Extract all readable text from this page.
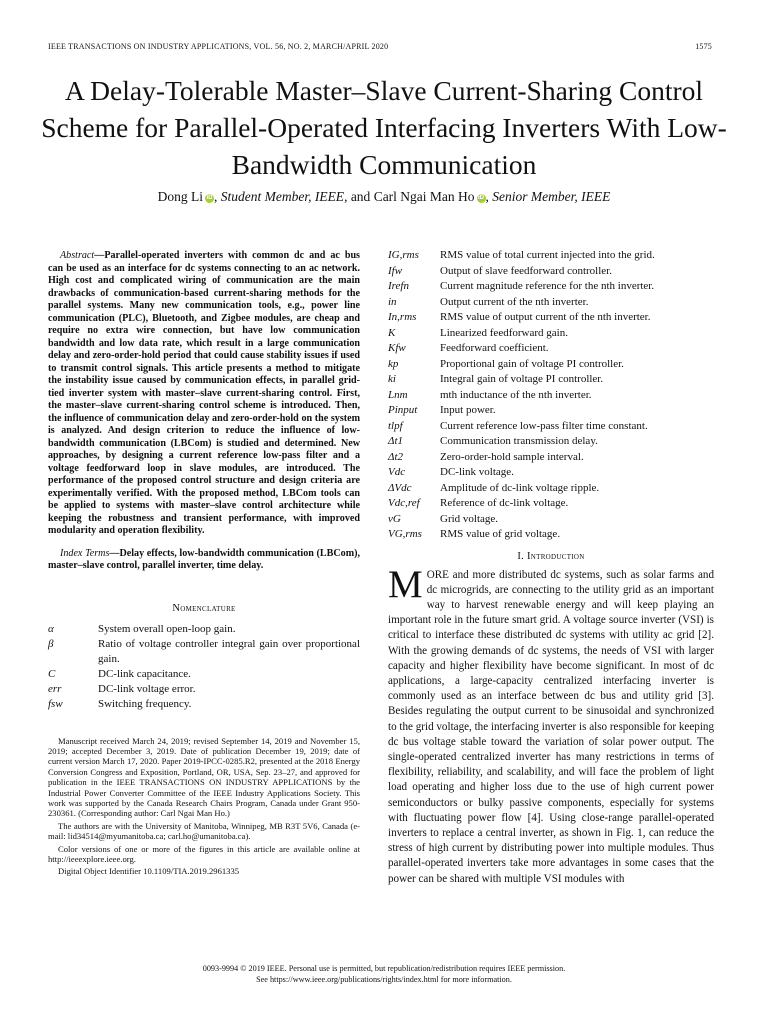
IEEE TRANSACTIONS ON INDUSTRY APPLICATIONS, VOL. 56, NO. 2, MARCH/APRIL 2020	1575
A Delay-Tolerable Master–Slave Current-Sharing Control Scheme for Parallel-Operated Interfacing Inverters With Low-Bandwidth Communication
Dong Li iD , Student Member, IEEE, and Carl Ngai Man Ho iD , Senior Member, IEEE
Abstract—Parallel-operated inverters with common dc and ac bus can be used as an interface for dc systems connecting to an ac network. High cost and complicated wiring of communication are the main drawbacks of communication-based current-sharing methods for the parallel systems. Many new communication tools, e.g., power line communication (PLC), Bluetooth, and Zigbee modules, are cheap and require no extra wire connection, but have low communication bandwidth and low data rate, which result in a large communication delay and zero-order-hold period that could cause stability issues if used to transmit control signals. This article presents a method to mitigate the instability issue caused by communication effects, in parallel grid-tied inverter system with master–slave current-sharing control. First, the master–slave current-sharing control scheme is introduced. Then, the influence of communication delay and zero-order-hold on the system is analyzed. And design criterion to reduce the influence of low-bandwidth communication (LBCom) is studied and determined. New approaches, by designing a current reference low-pass filter and a voltage feedforward loop in slave modules, are introduced. The performance of the proposed control structure and design criteria are experimentally verified. With the proposed method, LBCom tools can be applied to systems with master–slave control architecture while keeping the robustness and transient performance, with improved modularity and operation flexibility.
Index Terms—Delay effects, low-bandwidth communication (LBCom), master–slave control, parallel inverter, time delay.
Nomenclature
α	System overall open-loop gain.
β	Ratio of voltage controller integral gain over proportional gain.
C	DC-link capacitance.
err	DC-link voltage error.
fsw	Switching frequency.

Manuscript received March 24, 2019; revised September 14, 2019 and November 15, 2019; accepted December 3, 2019. Date of publication December 19, 2019; date of current version March 17, 2020. Paper 2019-IPCC-0285.R2, presented at the 2018 Energy Conversion Congress and Exposition, Portland, OR, USA, Sep. 23–27, and approved for publication in the IEEE TRANSACTIONS ON INDUSTRY APPLICATIONS by the Industrial Power Converter Committee of the IEEE Industry Applications Society. This work was supported by the Canada Research Chairs Program, Canada under Grant 950-230361. (Corresponding author: Carl Ngai Man Ho.)

The authors are with the University of Manitoba, Winnipeg, MB R3T 5V6, Canada (e-mail: lid34514@myumanitoba.ca; carl.ho@umanitoba.ca).

Color versions of one or more of the figures in this article are available online at http://ieeexplore.ieee.org.

Digital Object Identifier 10.1109/TIA.2019.2961335

IG,rms	RMS value of total current injected into the grid.
Ifw	Output of slave feedforward controller.
Irefn	Current magnitude reference for the nth inverter.
in	Output current of the nth inverter.
In,rms	RMS value of output current of the nth inverter.
K	Linearized feedforward gain.
Kfw	Feedforward coefficient.
kp	Proportional gain of voltage PI controller.
ki	Integral gain of voltage PI controller.
Lnm	mth inductance of the nth inverter.
Pinput	Input power.
tlpf	Current reference low-pass filter time constant.
Δt1	Communication transmission delay.
Δt2	Zero-order-hold sample interval.
Vdc	DC-link voltage.
ΔVdc	Amplitude of dc-link voltage ripple.
Vdc,ref	Reference of dc-link voltage.
vG	Grid voltage.
VG,rms	RMS value of grid voltage.
I. Introduction
MORE and more distributed dc systems, such as solar farms and dc microgrids, are connecting to the utility grid as an important way to harvest renewable energy and will keep playing an important role in the future smart grid. A voltage source inverter (VSI) is critical to interface these distributed dc systems with utility ac grid [2]. With the growing demands of dc systems, the needs of VSI with larger capacity and higher flexibility have become significant. In most of dc applications, a large-capacity centralized interfacing inverter is commonly used as an interface between dc bus and utility grid [3]. Besides regulating the output current to be sinusoidal and synchronized to the grid voltage, the interfacing inverter is also responsible for keeping dc bus voltage stable toward the variation of solar power output. The single-operated centralized inverter has many restrictions in terms of flexibility, reliability, and scalability, and will face the problem of light load operating and higher loss due to the use of high current power semiconductors or bulky passive components, especially for systems with fluctuating power flow [4]. Using close-range parallel-operated inverters to replace a central inverter, as shown in Fig. 1, can reduce the stress of high current by distributing power into multiple modules. Thus parallel-operated inverters take more advantages in some cases that the power can be shared with multiple VSI modules with
0093-9994 © 2019 IEEE. Personal use is permitted, but republication/redistribution requires IEEE permission.
See https://www.ieee.org/publications/rights/index.html for more information.
